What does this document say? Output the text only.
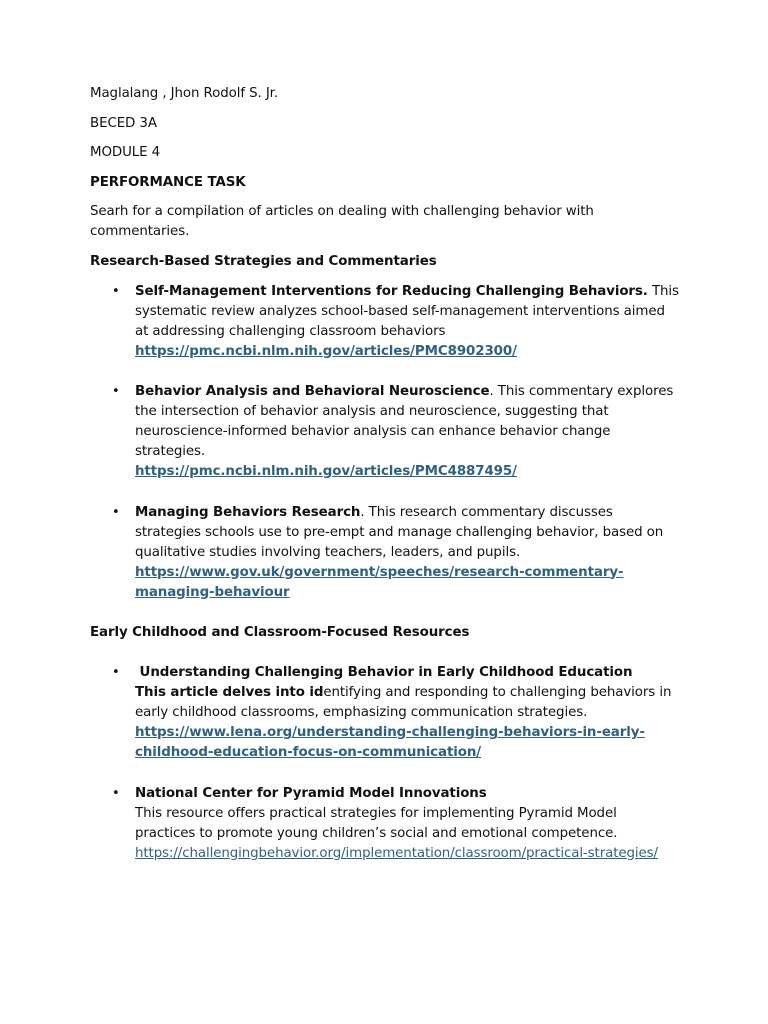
Maglalang , Jhon Rodolf S. Jr.

BECED 3A

MODULE 4

PERFORMANCE TASK

Searh for a compilation of articles on dealing with challenging behavior with commentaries.

Research-Based Strategies and Commentaries

• Self-Management Interventions for Reducing Challenging Behaviors. This systematic review analyzes school-based self-management interventions aimed at addressing challenging classroom behaviors
https://pmc.ncbi.nlm.nih.gov/articles/PMC8902300/
• Behavior Analysis and Behavioral Neuroscience. This commentary explores the intersection of behavior analysis and neuroscience, suggesting that neuroscience-informed behavior analysis can enhance behavior change strategies.
https://pmc.ncbi.nlm.nih.gov/articles/PMC4887495/
• Managing Behaviors Research. This research commentary discusses strategies schools use to pre-empt and manage challenging behavior, based on qualitative studies involving teachers, leaders, and pupils.
https://www.gov.uk/government/speeches/research-commentary-managing-behaviour

Early Childhood and Classroom-Focused Resources

• Understanding Challenging Behavior in Early Childhood Education
This article delves into identifying and responding to challenging behaviors in early childhood classrooms, emphasizing communication strategies.
https://www.lena.org/understanding-challenging-behaviors-in-early-childhood-education-focus-on-communication/
• National Center for Pyramid Model Innovations
This resource offers practical strategies for implementing Pyramid Model practices to promote young children’s social and emotional competence.
https://challengingbehavior.org/implementation/classroom/practical-strategies/
